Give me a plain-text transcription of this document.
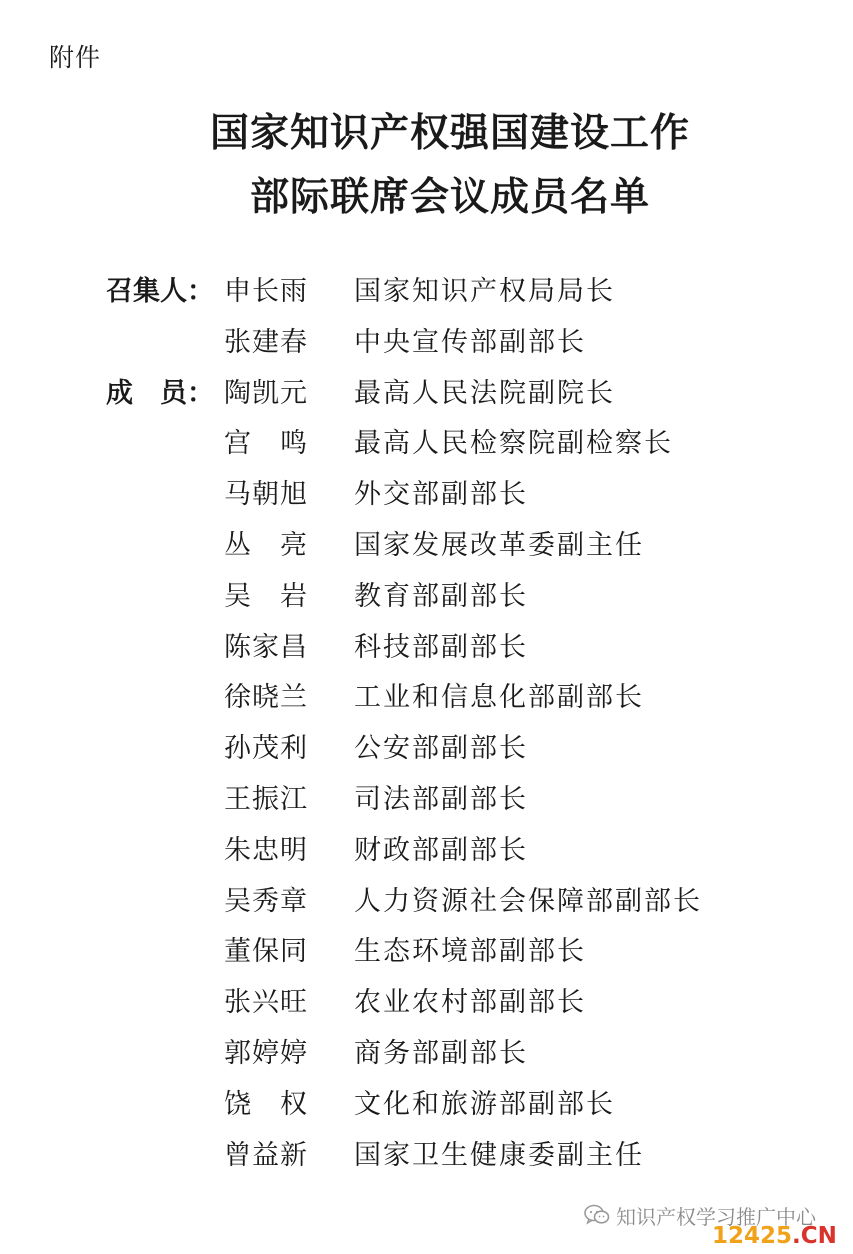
附件
国家知识产权强国建设工作
部际联席会议成员名单
召集人： 申长雨 国家知识产权局局长
张建春 中央宣传部副部长
成　员： 陶凯元 最高人民法院副院长
宫　鸣 最高人民检察院副检察长
马朝旭 外交部副部长
丛　亮 国家发展改革委副主任
吴　岩 教育部副部长
陈家昌 科技部副部长
徐晓兰 工业和信息化部副部长
孙茂利 公安部副部长
王振江 司法部副部长
朱忠明 财政部副部长
吴秀章 人力资源社会保障部副部长
董保同 生态环境部副部长
张兴旺 农业农村部副部长
郭婷婷 商务部副部长
饶　权 文化和旅游部副部长
曾益新 国家卫生健康委副主任
知识产权学习推广中心
12425.CN
